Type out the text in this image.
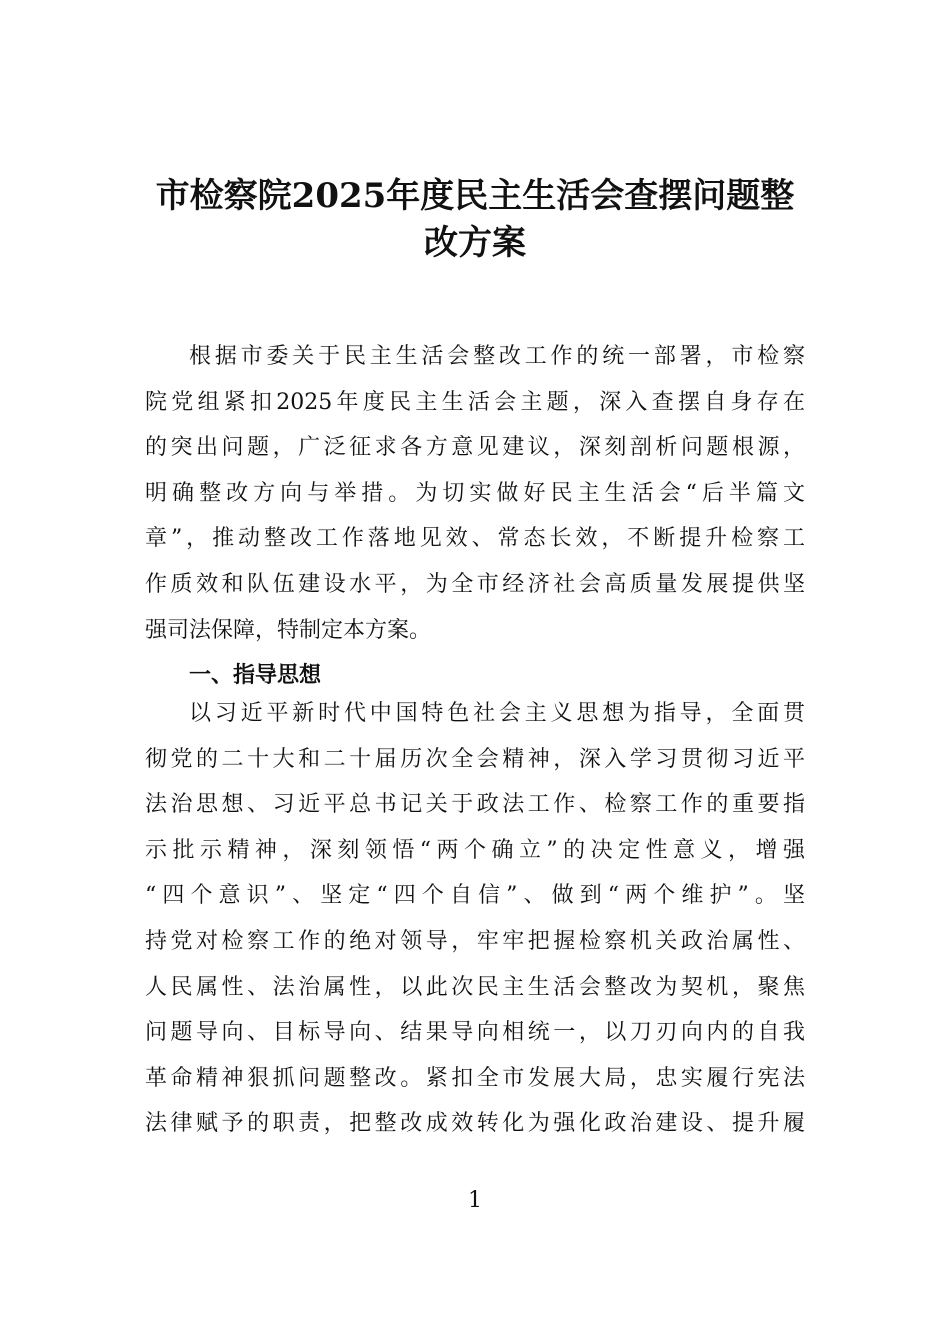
市检察院2025年度民主生活会查摆问题整
改方案
根据市委关于民主生活会整改工作的统一部署，市检察
院党组紧扣2025年度民主生活会主题，深入查摆自身存在
的突出问题，广泛征求各方意见建议，深刻剖析问题根源，
明确整改方向与举措。为切实做好民主生活会“后半篇文
章”，推动整改工作落地见效、常态长效，不断提升检察工
作质效和队伍建设水平，为全市经济社会高质量发展提供坚
强司法保障，特制定本方案。
一、指导思想
以习近平新时代中国特色社会主义思想为指导，全面贯
彻党的二十大和二十届历次全会精神，深入学习贯彻习近平
法治思想、习近平总书记关于政法工作、检察工作的重要指
示批示精神，深刻领悟“两个确立”的决定性意义，增强
“四个意识”、坚定“四个自信”、做到“两个维护”。坚
持党对检察工作的绝对领导，牢牢把握检察机关政治属性、
人民属性、法治属性，以此次民主生活会整改为契机，聚焦
问题导向、目标导向、结果导向相统一，以刀刃向内的自我
革命精神狠抓问题整改。紧扣全市发展大局，忠实履行宪法
法律赋予的职责，把整改成效转化为强化政治建设、提升履
1
